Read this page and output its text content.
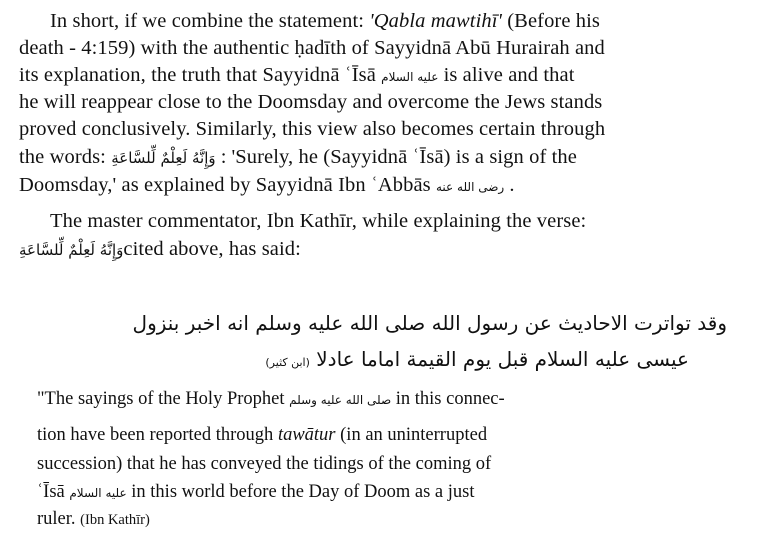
In short, if we combine the statement: 'Qabla mawtihī' (Before his
death - 4:159) with the authentic ḥadīth of Sayyidnā Abū Hurairah and
its explanation, the truth that Sayyidnā ʿĪsā عليه السلام is alive and that
he will reappear close to the Doomsday and overcome the Jews stands
proved conclusively. Similarly, this view also becomes certain through
the words: وَإِنَّهُ لَعِلْمٌ لِّلسَّاعَةِ : 'Surely, he (Sayyidnā ʿĪsā) is a sign of the
Doomsday,' as explained by Sayyidnā Ibn ʿAbbās رضى الله عنه .
The master commentator, Ibn Kathīr, while explaining the verse:
وَإِنَّهُ لَعِلْمٌ لِّلسَّاعَةِcited above, has said:
وقد تواترت الاحاديث عن رسول الله صلى الله عليه وسلم انه اخبر بنزول
عيسى عليه السلام قبل يوم القيمة اماما عادلا (ابن كثير)
"The sayings of the Holy Prophet صلى الله عليه وسلم in this connec-
tion have been reported through tawātur (in an uninterrupted
succession) that he has conveyed the tidings of the coming of
ʿĪsā عليه السلام in this world before the Day of Doom as a just
ruler. (Ibn Kathīr)
